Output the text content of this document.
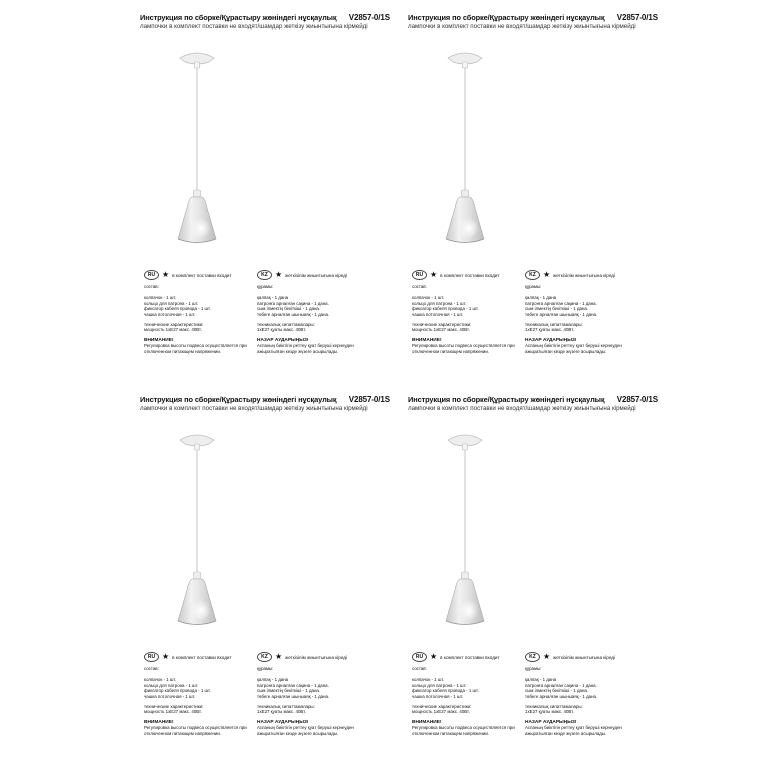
Инструкция по сборке/Құрастыру жөніндегі нұсқаулық V2857-0/1S
лампочки в комплект поставки не входят/шамдар жеткізу жиынтығына кірмейді
RU ★ в комплект поставки входит	KZ ★ жеткізілім жиынтығына кіреді

состав:

колпачок - 1 шт.

кольцо для патрона - 1 шт.

фиксатор кабеля провода - 1 шт.

чашка потолочная - 1 шт.

технические характеристики:

мощность 1хE27 макс. 40Вт.

ВНИМАНИЕ!

Регулировка высоты подвеса осуществляется при отключенном питающем напряжении.

құрамы:

қалпақ - 1 дана

патронға арналған сақина - 1 дана.

сым ілмектің бекіткіші - 1 дана.

төбеге арналған шыныаяқ - 1 дана.

техникалық сипаттамалары:

1хE27 қуаты макс. 40Вт.

НАЗАР АУДАРЫҢЫЗ!

Аспаның биіктігін реттеу қуат беруші кернеуден ажыратылған кезде жүзеге асырылады.

Инструкция по сборке/Құрастыру жөніндегі нұсқаулық V2857-0/1S
лампочки в комплект поставки не входят/шамдар жеткізу жиынтығына кірмейді
RU ★ в комплект поставки входит	KZ ★ жеткізілім жиынтығына кіреді

состав:

колпачок - 1 шт.

кольцо для патрона - 1 шт.

фиксатор кабеля провода - 1 шт.

чашка потолочная - 1 шт.

технические характеристики:

мощность 1хE27 макс. 40Вт.

ВНИМАНИЕ!

Регулировка высоты подвеса осуществляется при отключенном питающем напряжении.

құрамы:

қалпақ - 1 дана

патронға арналған сақина - 1 дана.

сым ілмектің бекіткіші - 1 дана.

төбеге арналған шыныаяқ - 1 дана.

техникалық сипаттамалары:

1хE27 қуаты макс. 40Вт.

НАЗАР АУДАРЫҢЫЗ!

Аспаның биіктігін реттеу қуат беруші кернеуден ажыратылған кезде жүзеге асырылады.

Инструкция по сборке/Құрастыру жөніндегі нұсқаулық V2857-0/1S
лампочки в комплект поставки не входят/шамдар жеткізу жиынтығына кірмейді
RU ★ в комплект поставки входит	KZ ★ жеткізілім жиынтығына кіреді

состав:

колпачок - 1 шт.

кольцо для патрона - 1 шт.

фиксатор кабеля провода - 1 шт.

чашка потолочная - 1 шт.

технические характеристики:

мощность 1хE27 макс. 40Вт.

ВНИМАНИЕ!

Регулировка высоты подвеса осуществляется при отключенном питающем напряжении.

құрамы:

қалпақ - 1 дана

патронға арналған сақина - 1 дана.

сым ілмектің бекіткіші - 1 дана.

төбеге арналған шыныаяқ - 1 дана.

техникалық сипаттамалары:

1хE27 қуаты макс. 40Вт.

НАЗАР АУДАРЫҢЫЗ!

Аспаның биіктігін реттеу қуат беруші кернеуден ажыратылған кезде жүзеге асырылады.

Инструкция по сборке/Құрастыру жөніндегі нұсқаулық V2857-0/1S
лампочки в комплект поставки не входят/шамдар жеткізу жиынтығына кірмейді
RU ★ в комплект поставки входит	KZ ★ жеткізілім жиынтығына кіреді

состав:

колпачок - 1 шт.

кольцо для патрона - 1 шт.

фиксатор кабеля провода - 1 шт.

чашка потолочная - 1 шт.

технические характеристики:

мощность 1хE27 макс. 40Вт.

ВНИМАНИЕ!

Регулировка высоты подвеса осуществляется при отключенном питающем напряжении.

құрамы:

қалпақ - 1 дана

патронға арналған сақина - 1 дана.

сым ілмектің бекіткіші - 1 дана.

төбеге арналған шыныаяқ - 1 дана.

техникалық сипаттамалары:

1хE27 қуаты макс. 40Вт.

НАЗАР АУДАРЫҢЫЗ!

Аспаның биіктігін реттеу қуат беруші кернеуден ажыратылған кезде жүзеге асырылады.
